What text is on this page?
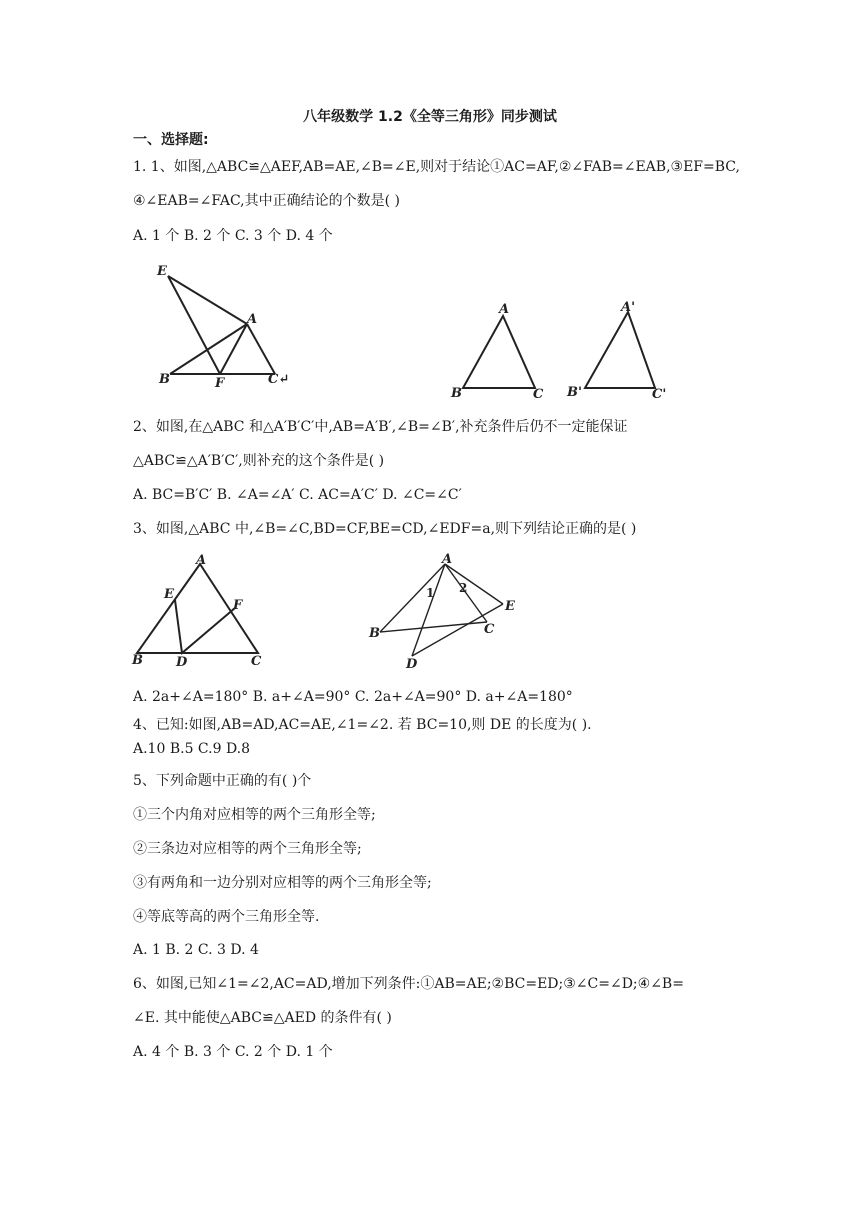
八年级数学 1.2《全等三角形》同步测试
一、选择题:
1. 1、如图,△ABC≌△AEF,AB=AE,∠B=∠E,则对于结论①AC=AF,②∠FAB=∠EAB,③EF=BC,
④∠EAB=∠FAC,其中正确结论的个数是( )
A. 1 个 B. 2 个 C. 3 个 D. 4 个
E
A
B	F	C↵
A
B	C
A'
B'	C'
2、如图,在△ABC 和△A′B′C′中,AB=A′B′,∠B=∠B′,补充条件后仍不一定能保证
△ABC≌△A′B′C′,则补充的这个条件是( )
A. BC=B′C′ B. ∠A=∠A′ C. AC=A′C′ D. ∠C=∠C′
3、如图,△ABC 中,∠B=∠C,BD=CF,BE=CD,∠EDF=a,则下列结论正确的是( )
A
E
F
B	D	C
A
1 2
E
B	C
D
A. 2a+∠A=180° B. a+∠A=90° C. 2a+∠A=90° D. a+∠A=180°
4、已知:如图,AB=AD,AC=AE,∠1=∠2. 若 BC=10,则 DE 的长度为( ).
A.10 B.5 C.9 D.8
5、下列命题中正确的有( )个
①三个内角对应相等的两个三角形全等;
②三条边对应相等的两个三角形全等;
③有两角和一边分别对应相等的两个三角形全等;
④等底等高的两个三角形全等.
A. 1 B. 2 C. 3 D. 4
6、如图,已知∠1=∠2,AC=AD,增加下列条件:①AB=AE;②BC=ED;③∠C=∠D;④∠B=
∠E. 其中能使△ABC≌△AED 的条件有( )
A. 4 个 B. 3 个 C. 2 个 D. 1 个
